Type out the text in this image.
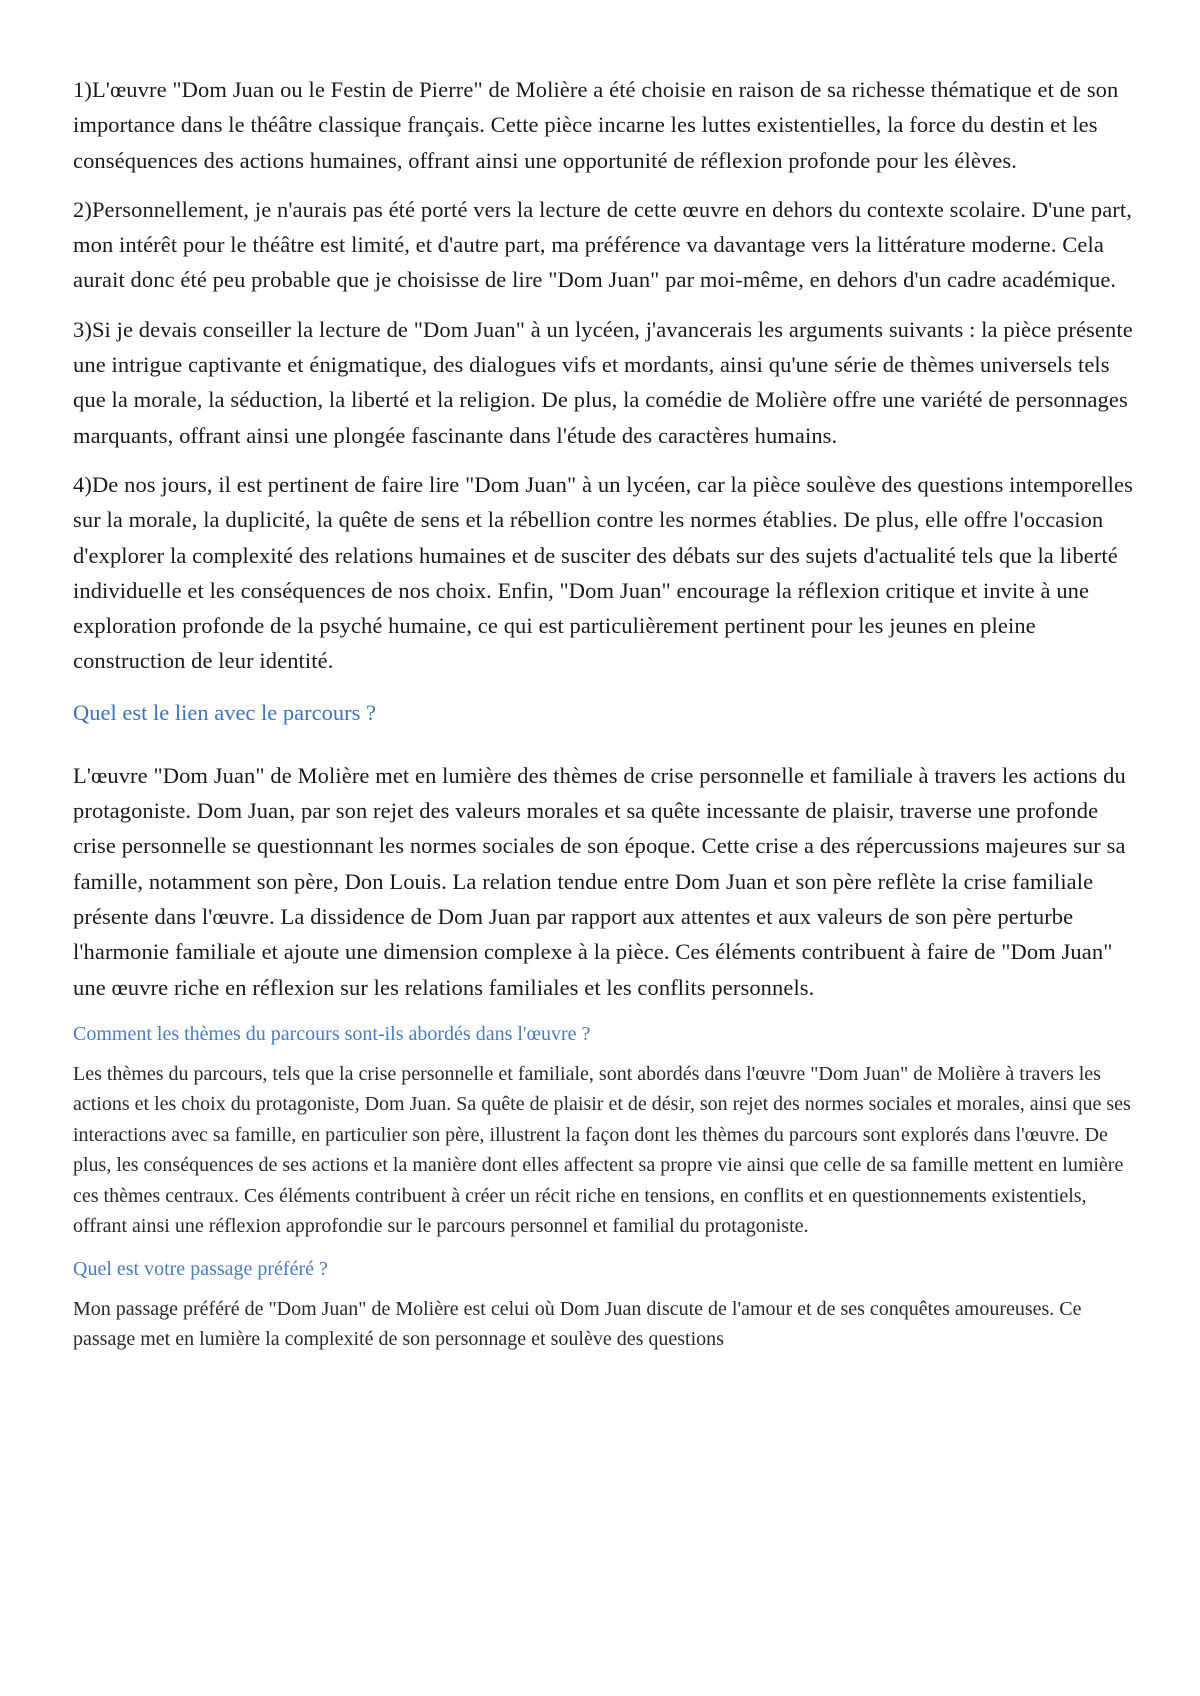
1)L'œuvre "Dom Juan ou le Festin de Pierre" de Molière a été choisie en raison de sa richesse thématique et de son importance dans le théâtre classique français. Cette pièce incarne les luttes existentielles, la force du destin et les conséquences des actions humaines, offrant ainsi une opportunité de réflexion profonde pour les élèves.

2)Personnellement, je n'aurais pas été porté vers la lecture de cette œuvre en dehors du contexte scolaire. D'une part, mon intérêt pour le théâtre est limité, et d'autre part, ma préférence va davantage vers la littérature moderne. Cela aurait donc été peu probable que je choisisse de lire "Dom Juan" par moi-même, en dehors d'un cadre académique.

3)Si je devais conseiller la lecture de "Dom Juan" à un lycéen, j'avancerais les arguments suivants : la pièce présente une intrigue captivante et énigmatique, des dialogues vifs et mordants, ainsi qu'une série de thèmes universels tels que la morale, la séduction, la liberté et la religion. De plus, la comédie de Molière offre une variété de personnages marquants, offrant ainsi une plongée fascinante dans l'étude des caractères humains.

4)De nos jours, il est pertinent de faire lire "Dom Juan" à un lycéen, car la pièce soulève des questions intemporelles sur la morale, la duplicité, la quête de sens et la rébellion contre les normes établies. De plus, elle offre l'occasion d'explorer la complexité des relations humaines et de susciter des débats sur des sujets d'actualité tels que la liberté individuelle et les conséquences de nos choix. Enfin, "Dom Juan" encourage la réflexion critique et invite à une exploration profonde de la psyché humaine, ce qui est particulièrement pertinent pour les jeunes en pleine construction de leur identité.

Quel est le lien avec le parcours ?

L'œuvre "Dom Juan" de Molière met en lumière des thèmes de crise personnelle et familiale à travers les actions du protagoniste. Dom Juan, par son rejet des valeurs morales et sa quête incessante de plaisir, traverse une profonde crise personnelle se questionnant les normes sociales de son époque. Cette crise a des répercussions majeures sur sa famille, notamment son père, Don Louis. La relation tendue entre Dom Juan et son père reflète la crise familiale présente dans l'œuvre. La dissidence de Dom Juan par rapport aux attentes et aux valeurs de son père perturbe l'harmonie familiale et ajoute une dimension complexe à la pièce. Ces éléments contribuent à faire de "Dom Juan" une œuvre riche en réflexion sur les relations familiales et les conflits personnels.

Comment les thèmes du parcours sont-ils abordés dans l'œuvre ?

Les thèmes du parcours, tels que la crise personnelle et familiale, sont abordés dans l'œuvre "Dom Juan" de Molière à travers les actions et les choix du protagoniste, Dom Juan. Sa quête de plaisir et de désir, son rejet des normes sociales et morales, ainsi que ses interactions avec sa famille, en particulier son père, illustrent la façon dont les thèmes du parcours sont explorés dans l'œuvre. De plus, les conséquences de ses actions et la manière dont elles affectent sa propre vie ainsi que celle de sa famille mettent en lumière ces thèmes centraux. Ces éléments contribuent à créer un récit riche en tensions, en conflits et en questionnements existentiels, offrant ainsi une réflexion approfondie sur le parcours personnel et familial du protagoniste.

Quel est votre passage préféré ?

Mon passage préféré de "Dom Juan" de Molière est celui où Dom Juan discute de l'amour et de ses conquêtes amoureuses. Ce passage met en lumière la complexité de son personnage et soulève des questions
